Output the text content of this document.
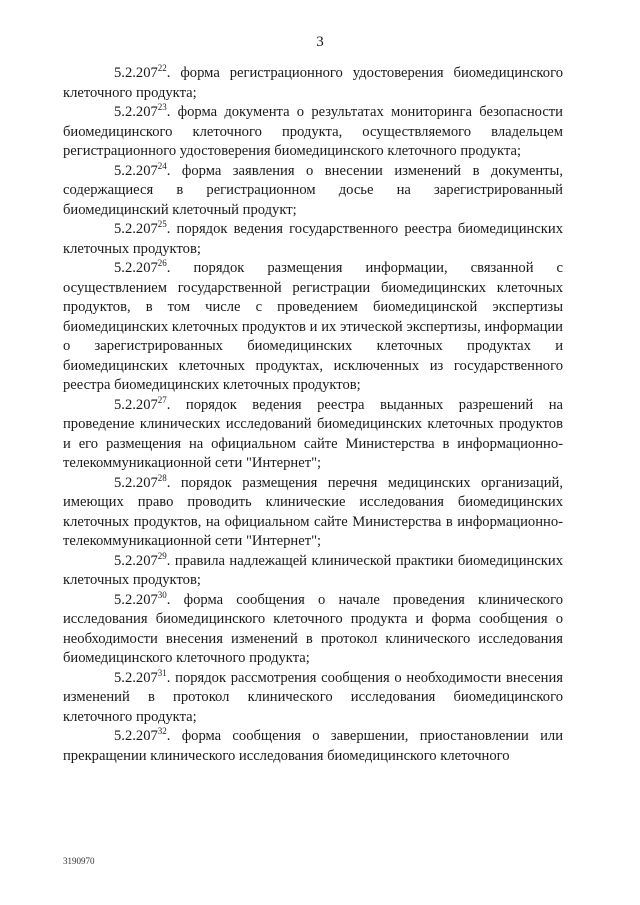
3

5.2.207$^{22}$. форма регистрационного удостоверения биомедицинского клеточного продукта;

5.2.207$^{23}$. форма документа о результатах мониторинга безопасности биомедицинского клеточного продукта, осуществляемого владельцем регистрационного удостоверения биомедицинского клеточного продукта;

5.2.207$^{24}$. форма заявления о внесении изменений в документы, содержащиеся в регистрационном досье на зарегистрированный биомедицинский клеточный продукт;

5.2.207$^{25}$. порядок ведения государственного реестра биомедицинских клеточных продуктов;

5.2.207$^{26}$. порядок размещения информации, связанной с осуществлением государственной регистрации биомедицинских клеточных продуктов, в том числе с проведением биомедицинской экспертизы биомедицинских клеточных продуктов и их этической экспертизы, информации о зарегистрированных биомедицинских клеточных продуктах и биомедицинских клеточных продуктах, исключенных из государственного реестра биомедицинских клеточных продуктов;

5.2.207$^{27}$. порядок ведения реестра выданных разрешений на проведение клинических исследований биомедицинских клеточных продуктов и его размещения на официальном сайте Министерства в информационно-телекоммуникационной сети "Интернет";

5.2.207$^{28}$. порядок размещения перечня медицинских организаций, имеющих право проводить клинические исследования биомедицинских клеточных продуктов, на официальном сайте Министерства в информационно-телекоммуникационной сети "Интернет";

5.2.207$^{29}$. правила надлежащей клинической практики биомедицинских клеточных продуктов;

5.2.207$^{30}$. форма сообщения о начале проведения клинического исследования биомедицинского клеточного продукта и форма сообщения о необходимости внесения изменений в протокол клинического исследования биомедицинского клеточного продукта;

5.2.207$^{31}$. порядок рассмотрения сообщения о необходимости внесения изменений в протокол клинического исследования биомедицинского клеточного продукта;

5.2.207$^{32}$. форма сообщения о завершении, приостановлении или прекращении клинического исследования биомедицинского клеточного

3190970
